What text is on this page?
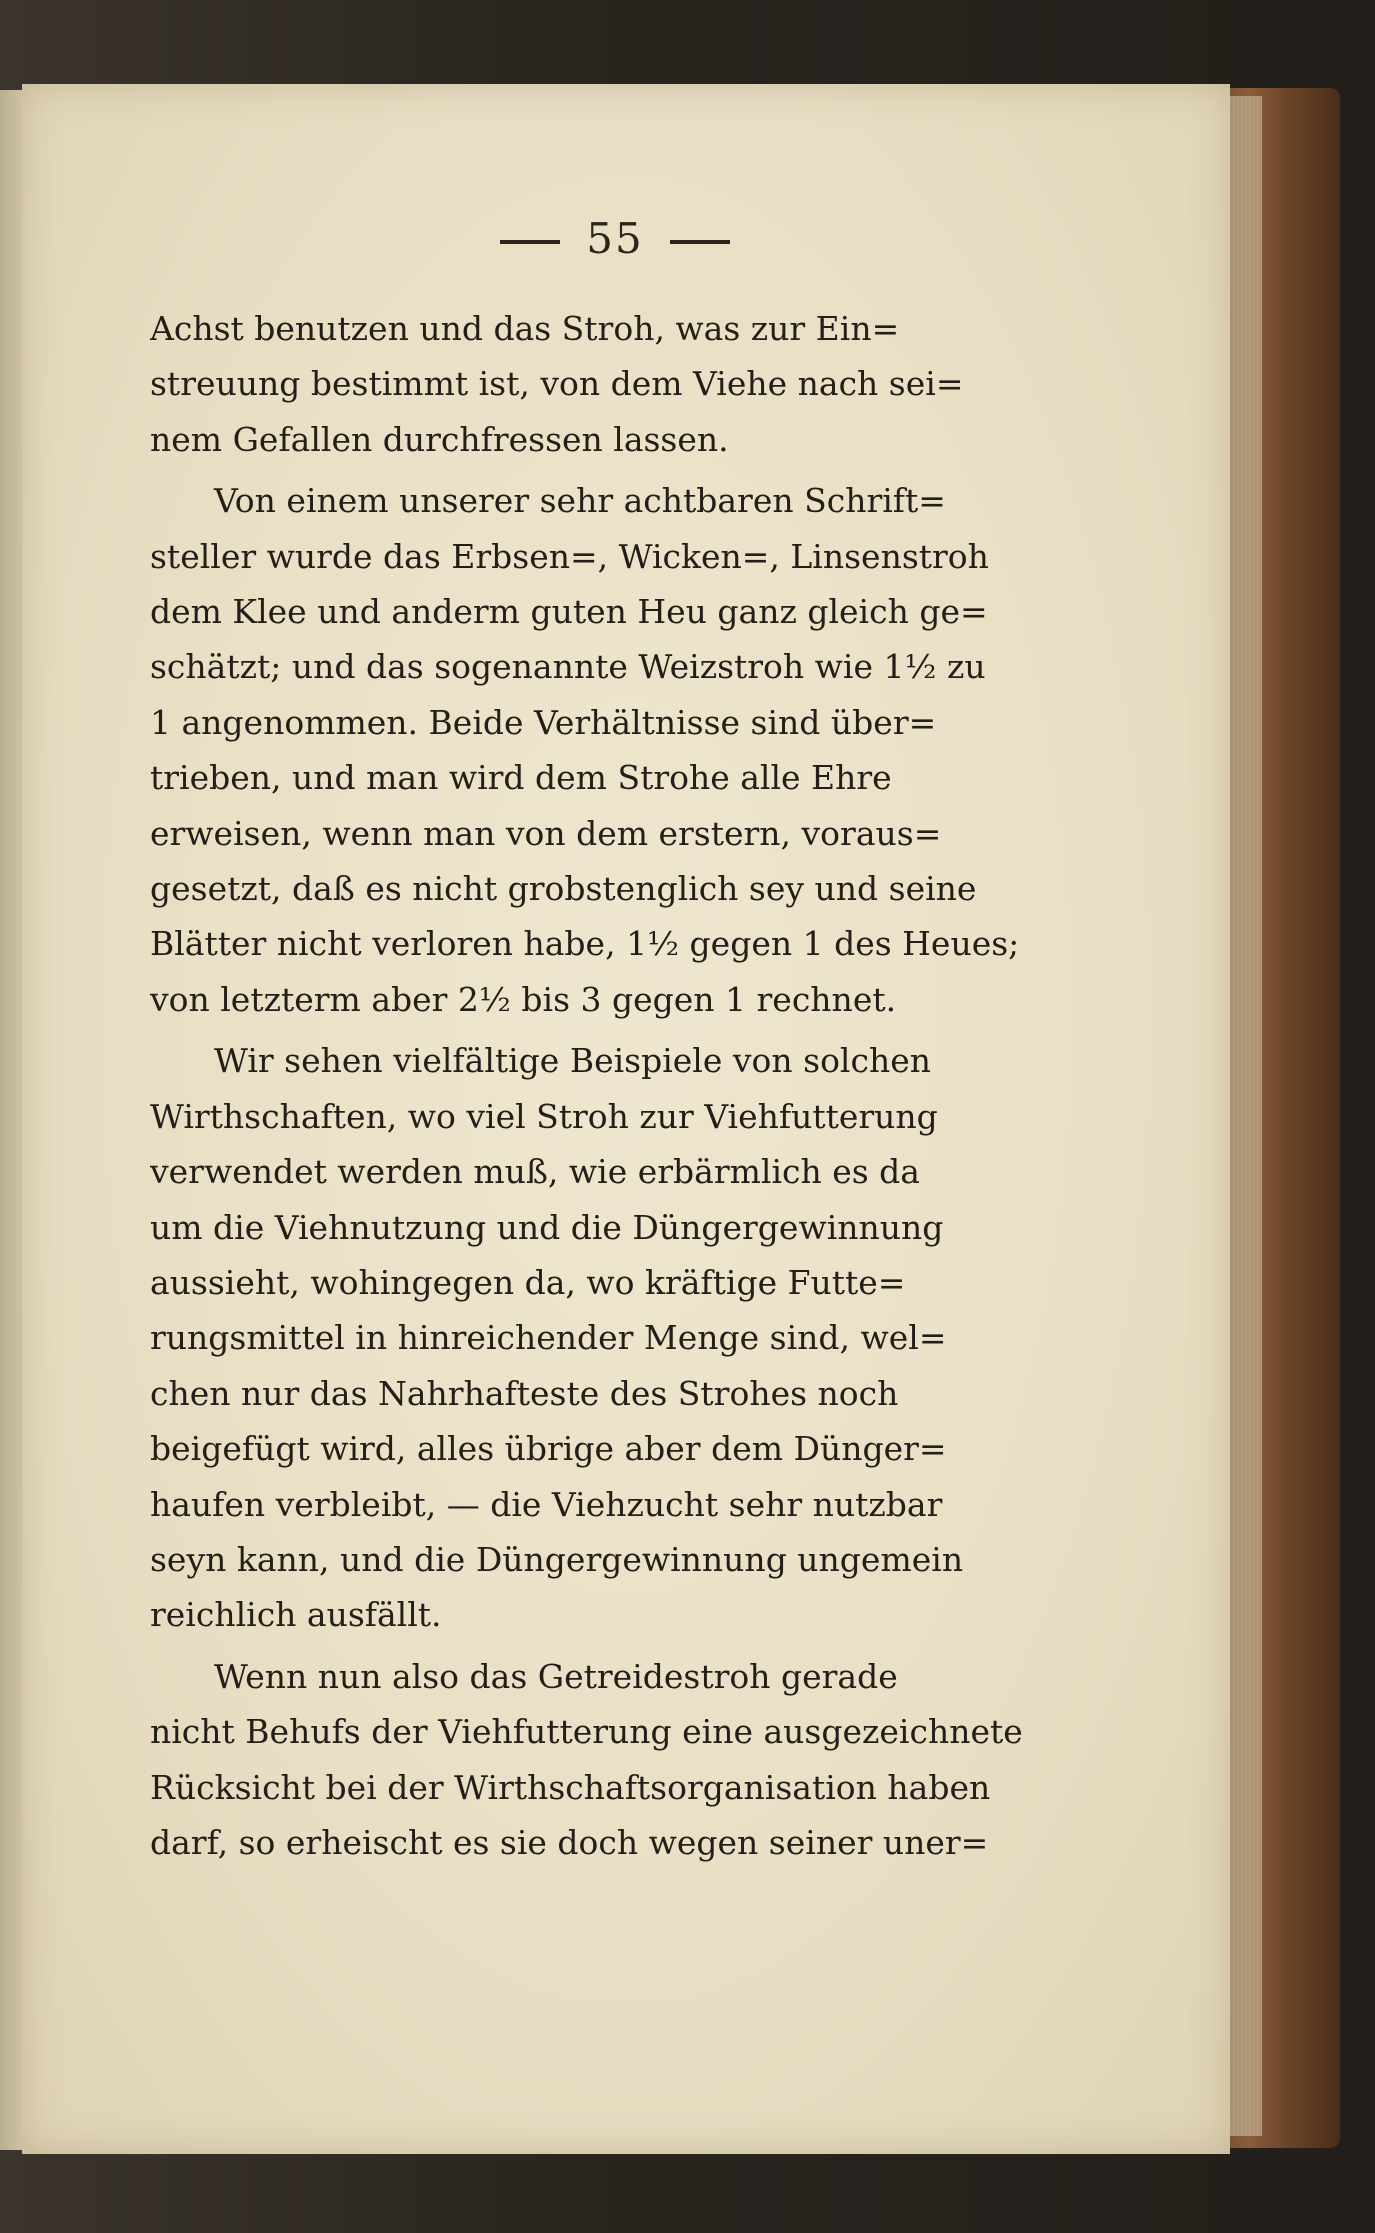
55

Achst benutzen und das Stroh, was zur Ein=
streuung bestimmt ist, von dem Viehe nach sei=
nem Gefallen durchfressen lassen.

Von einem unserer sehr achtbaren Schrift=
steller wurde das Erbsen=, Wicken=, Linsenstroh
dem Klee und anderm guten Heu ganz gleich ge=
schätzt; und das sogenannte Weizstroh wie 1½ zu
1 angenommen. Beide Verhältnisse sind über=
trieben, und man wird dem Strohe alle Ehre
erweisen, wenn man von dem erstern, voraus=
gesetzt, daß es nicht grobstenglich sey und seine
Blätter nicht verloren habe, 1½ gegen 1 des Heues;
von letzterm aber 2½ bis 3 gegen 1 rechnet.

Wir sehen vielfältige Beispiele von solchen
Wirthschaften, wo viel Stroh zur Viehfutterung
verwendet werden muß, wie erbärmlich es da
um die Viehnutzung und die Düngergewinnung
aussieht, wohingegen da, wo kräftige Futte=
rungsmittel in hinreichender Menge sind, wel=
chen nur das Nahrhafteste des Strohes noch
beigefügt wird, alles übrige aber dem Dünger=
haufen verbleibt, — die Viehzucht sehr nutzbar
seyn kann, und die Düngergewinnung ungemein
reichlich ausfällt.

Wenn nun also das Getreidestroh gerade
nicht Behufs der Viehfutterung eine ausgezeichnete
Rücksicht bei der Wirthschaftsorganisation haben
darf, so erheischt es sie doch wegen seiner uner=
